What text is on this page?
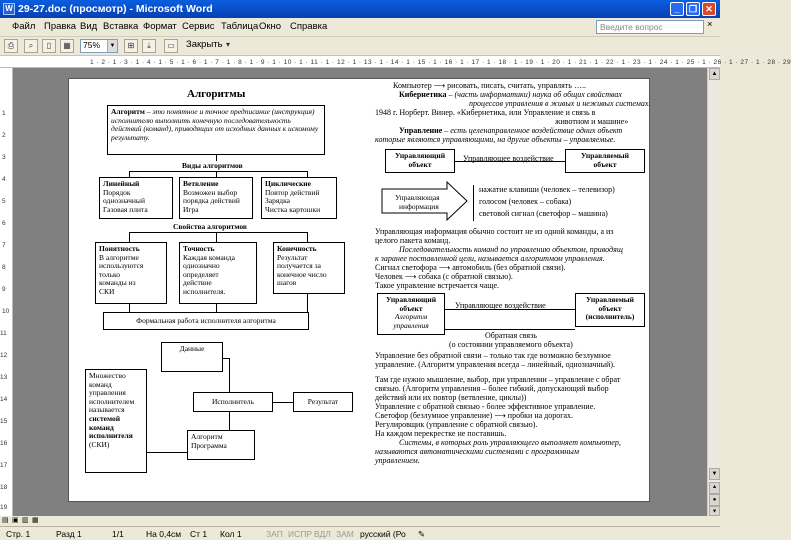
W 29-27.doc (просмотр) - Microsoft Word	_	❐ ✕
Файл Правка Вид Вставка Формат Сервис Таблица Окно Справка	Введите вопрос	×
⎙	⌕	▯	▦	75%	▼	⊞	⤓	▭	Закрыть ▾
1 · 2 · 1 · 3 · 1 · 4 · 1 · 5 · 1 · 6 · 1 · 7 · 1 · 8 · 1 · 9 · 1 · 10 · 1 · 11 · 1 · 12 · 1 · 13 · 1 · 14 · 1 · 15 · 1 · 16 · 1 · 17 · 1 · 18 · 1 · 19 · 1 · 20 · 1 · 21 · 1 · 22 · 1 · 23 · 1 · 24 · 1 · 25 · 1 · 26 · 1 · 27 · 1 · 28 · 29
1
2
3
4
5
6
7
8
9
10
11
12
13
14
15
16
17
18
19
Алгоритмы
Алгоритм – это понятное и точное предписание (инструкция) исполнителю выполнить конечную последовательность действий (команд), приводящих от исходных данных к искомому результату.
Виды алгоритмов
Линейный
Порядок
однозначный
Газовая плита
Ветвление
Возможен выбор
порядка действий
Игра
Циклические
Повтор действий
Зарядка
Чистка картошки
Свойства алгоритмов
Понятность
В алгоритме
используются
только
команды из
СКИ
Точность
Каждая команда
однозначно
определяет
действие
исполнителя.
Конечность
Результат
получается за
конечное число
шагов
Формальная работа исполнителя алгоритма
Данные
Множество
команд
управления
исполнителем
называется
системой
команд
исполнителя
(СКИ)
Исполнитель	Результат
Алгоритм
Программа
Компьютер ⟶ рисовать, писать, считать, управлять …..
Кибернетика – (часть информатики) наука об общих свойствах
процессов управления в живых и неживых системах.
1948 г. Норберт. Винер. «Кибернетика, или Управление и связь в
животном и машине»
Управление – есть целенаправленное воздействие одних объект
которые являются управляющими, на другие объекты – управляемые.
Управляющий
объект
Управляющее воздействие	Управляемый
объект
Управляющая
информация
нажатие клавиши (человек – телевизор)
голосом (человек – собака)
световой сигнал (светофор – машина)
Управляющая информация обычно состоит не из одной команды, а из
целого пакета команд.
Последовательность команд по управлению объектом, приводящ
к заранее поставленной цели, называется алгоритмом управления.
Сигнал светофора ⟶ автомобиль (без обратной связи).
Человек ⟶ собака (с обратной связью).
Такое управление встречается чаще.
Управляющий
объект
Алгоритм
управления
Управляющее воздействие
Управляемый
объект
(исполнитель)
Обратная связь
(о состоянии управляемого объекта)
Управление без обратной связи – только так где возможно безлумное
управление. (Алгоритм управления всегда – линейный, однозначный).
Там где нужно мышление, выбор, при управлении – управление с обрат
связью. (Алгоритм управления – более гибкий, допускающий выбор
действий или их повтор (ветвление, циклы))
Управление с обратной связью - более эффективное управление.
Светофор (безлумное управление) ⟶ пробки на дорогах.
Регулировщик (управление с обратной связью).
На каждом перекрестке не поставишь.
Системы, в которых роль управляющего выполняет компьютер,
называются автоматическими системами с программным
управлением.
▲
▼
⯅
●
⯆
▤ ▣ ▥ ▦
Стр. 1	Разд 1	1/1	На 0,4см Ст 1 Кол 1	ЗАП ИСПР ВДЛ ЗАМ русский (Ро ✎
